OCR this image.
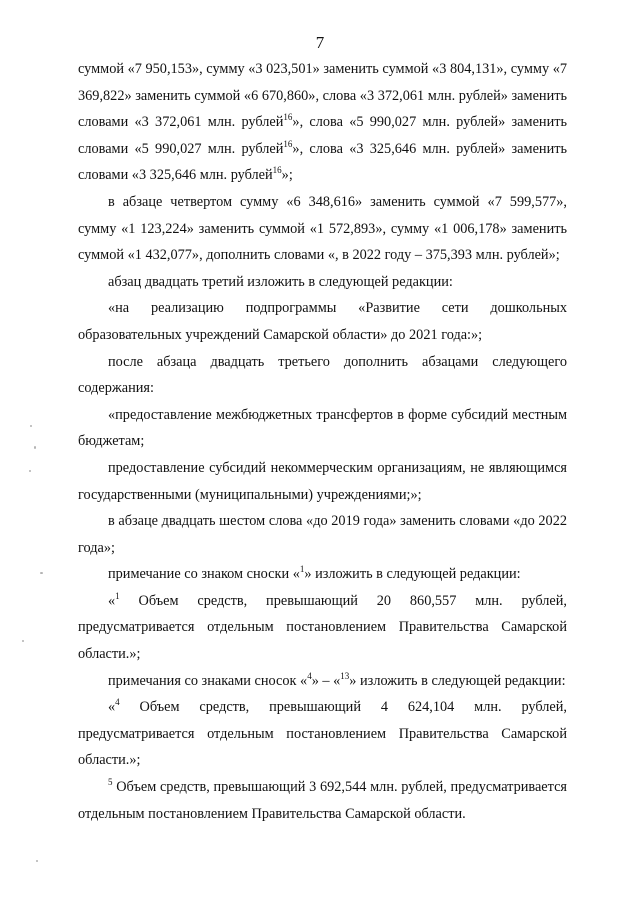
7

суммой «7 950,153», сумму «3 023,501» заменить суммой «3 804,131», сумму «7 369,822» заменить суммой «6 670,860», слова «3 372,061 млн. рублей» заменить словами «3 372,061 млн. рублей$^{16}$», слова «5 990,027 млн. рублей» заменить словами «5 990,027 млн. рублей$^{16}$», слова «3 325,646 млн. рублей» заменить словами «3 325,646 млн. рублей$^{16}$»;

в абзаце четвертом сумму «6 348,616» заменить суммой «7 599,577», сумму «1 123,224» заменить суммой «1 572,893», сумму «1 006,178» заменить суммой «1 432,077», дополнить словами «, в 2022 году – 375,393 млн. рублей»;

абзац двадцать третий изложить в следующей редакции:

«на реализацию подпрограммы «Развитие сети дошкольных образовательных учреждений Самарской области» до 2021 года:»;

после абзаца двадцать третьего дополнить абзацами следующего содержания:

«предоставление межбюджетных трансфертов в форме субсидий местным бюджетам;

предоставление субсидий некоммерческим организациям, не являющимся государственными (муниципальными) учреждениями;»;

в абзаце двадцать шестом слова «до 2019 года» заменить словами «до 2022 года»;

примечание со знаком сноски «$^1$» изложить в следующей редакции:

«$^1$ Объем средств, превышающий 20 860,557 млн. рублей, предусматривается отдельным постановлением Правительства Самарской области.»;

примечания со знаками сносок «$^4$» – «$^{13}$» изложить в следующей редакции:

«$^4$ Объем средств, превышающий 4 624,104 млн. рублей, предусматривается отдельным постановлением Правительства Самарской области.»;

$^5$ Объем средств, превышающий 3 692,544 млн. рублей, предусматривается отдельным постановлением Правительства Самарской области.
